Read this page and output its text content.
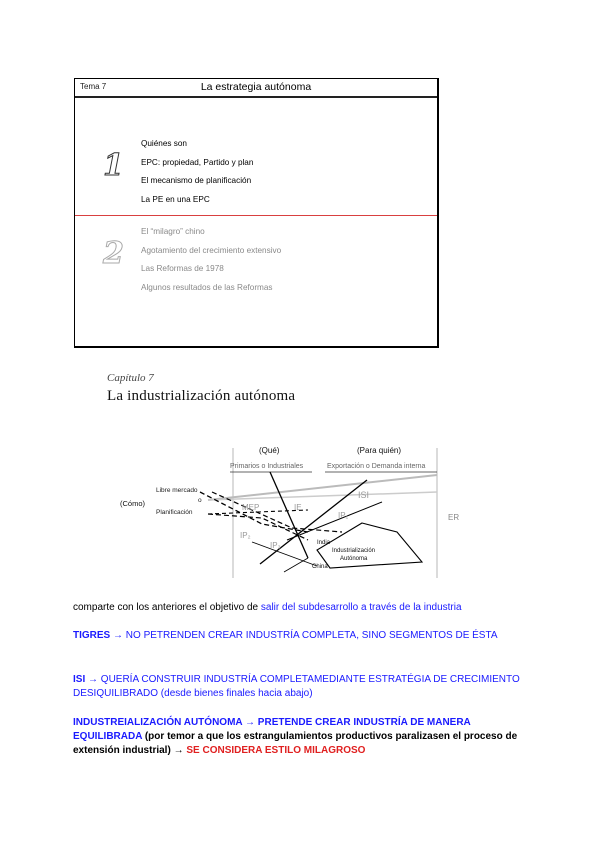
Tema 7	La estrategia autónoma
1
Quiénes son
EPC: propiedad, Partido y plan
El mecanismo de planificación
La PE en una EPC
2
El “milagro” chino
Agotamiento del crecimiento extensivo
Las Reformas de 1978
Algunos resultados de las Reformas
Capítulo 7
La industrialización autónoma
(Qué)	(Para quién)
Primarios o Industriales	Exportación o Demanda interna
(Cómo)
Libre mercado
o
Planificación
MEP	IE
ISI
IP₁
IP₂
IP₃	India
Industrialización
Autónoma
China
ER
comparte con los anteriores el objetivo de salir del subdesarrollo a través de la industria
TIGRES → NO PETRENDEN CREAR INDUSTRÍA COMPLETA, SINO SEGMENTOS DE ÉSTA
ISI → QUERÍA CONSTRUIR INDUSTRÍA COMPLETAMEDIANTE ESTRATÉGIA DE CRECIMIENTO DESIQUILIBRADO (desde bienes finales hacia abajo)
INDUSTREIALIZACIÓN AUTÓNOMA → PRETENDE CREAR INDUSTRÍA DE MANERA EQUILIBRADA (por temor a que los estrangulamientos productivos paralizasen el proceso de extensión industrial) → SE CONSIDERA ESTILO MILAGROSO
